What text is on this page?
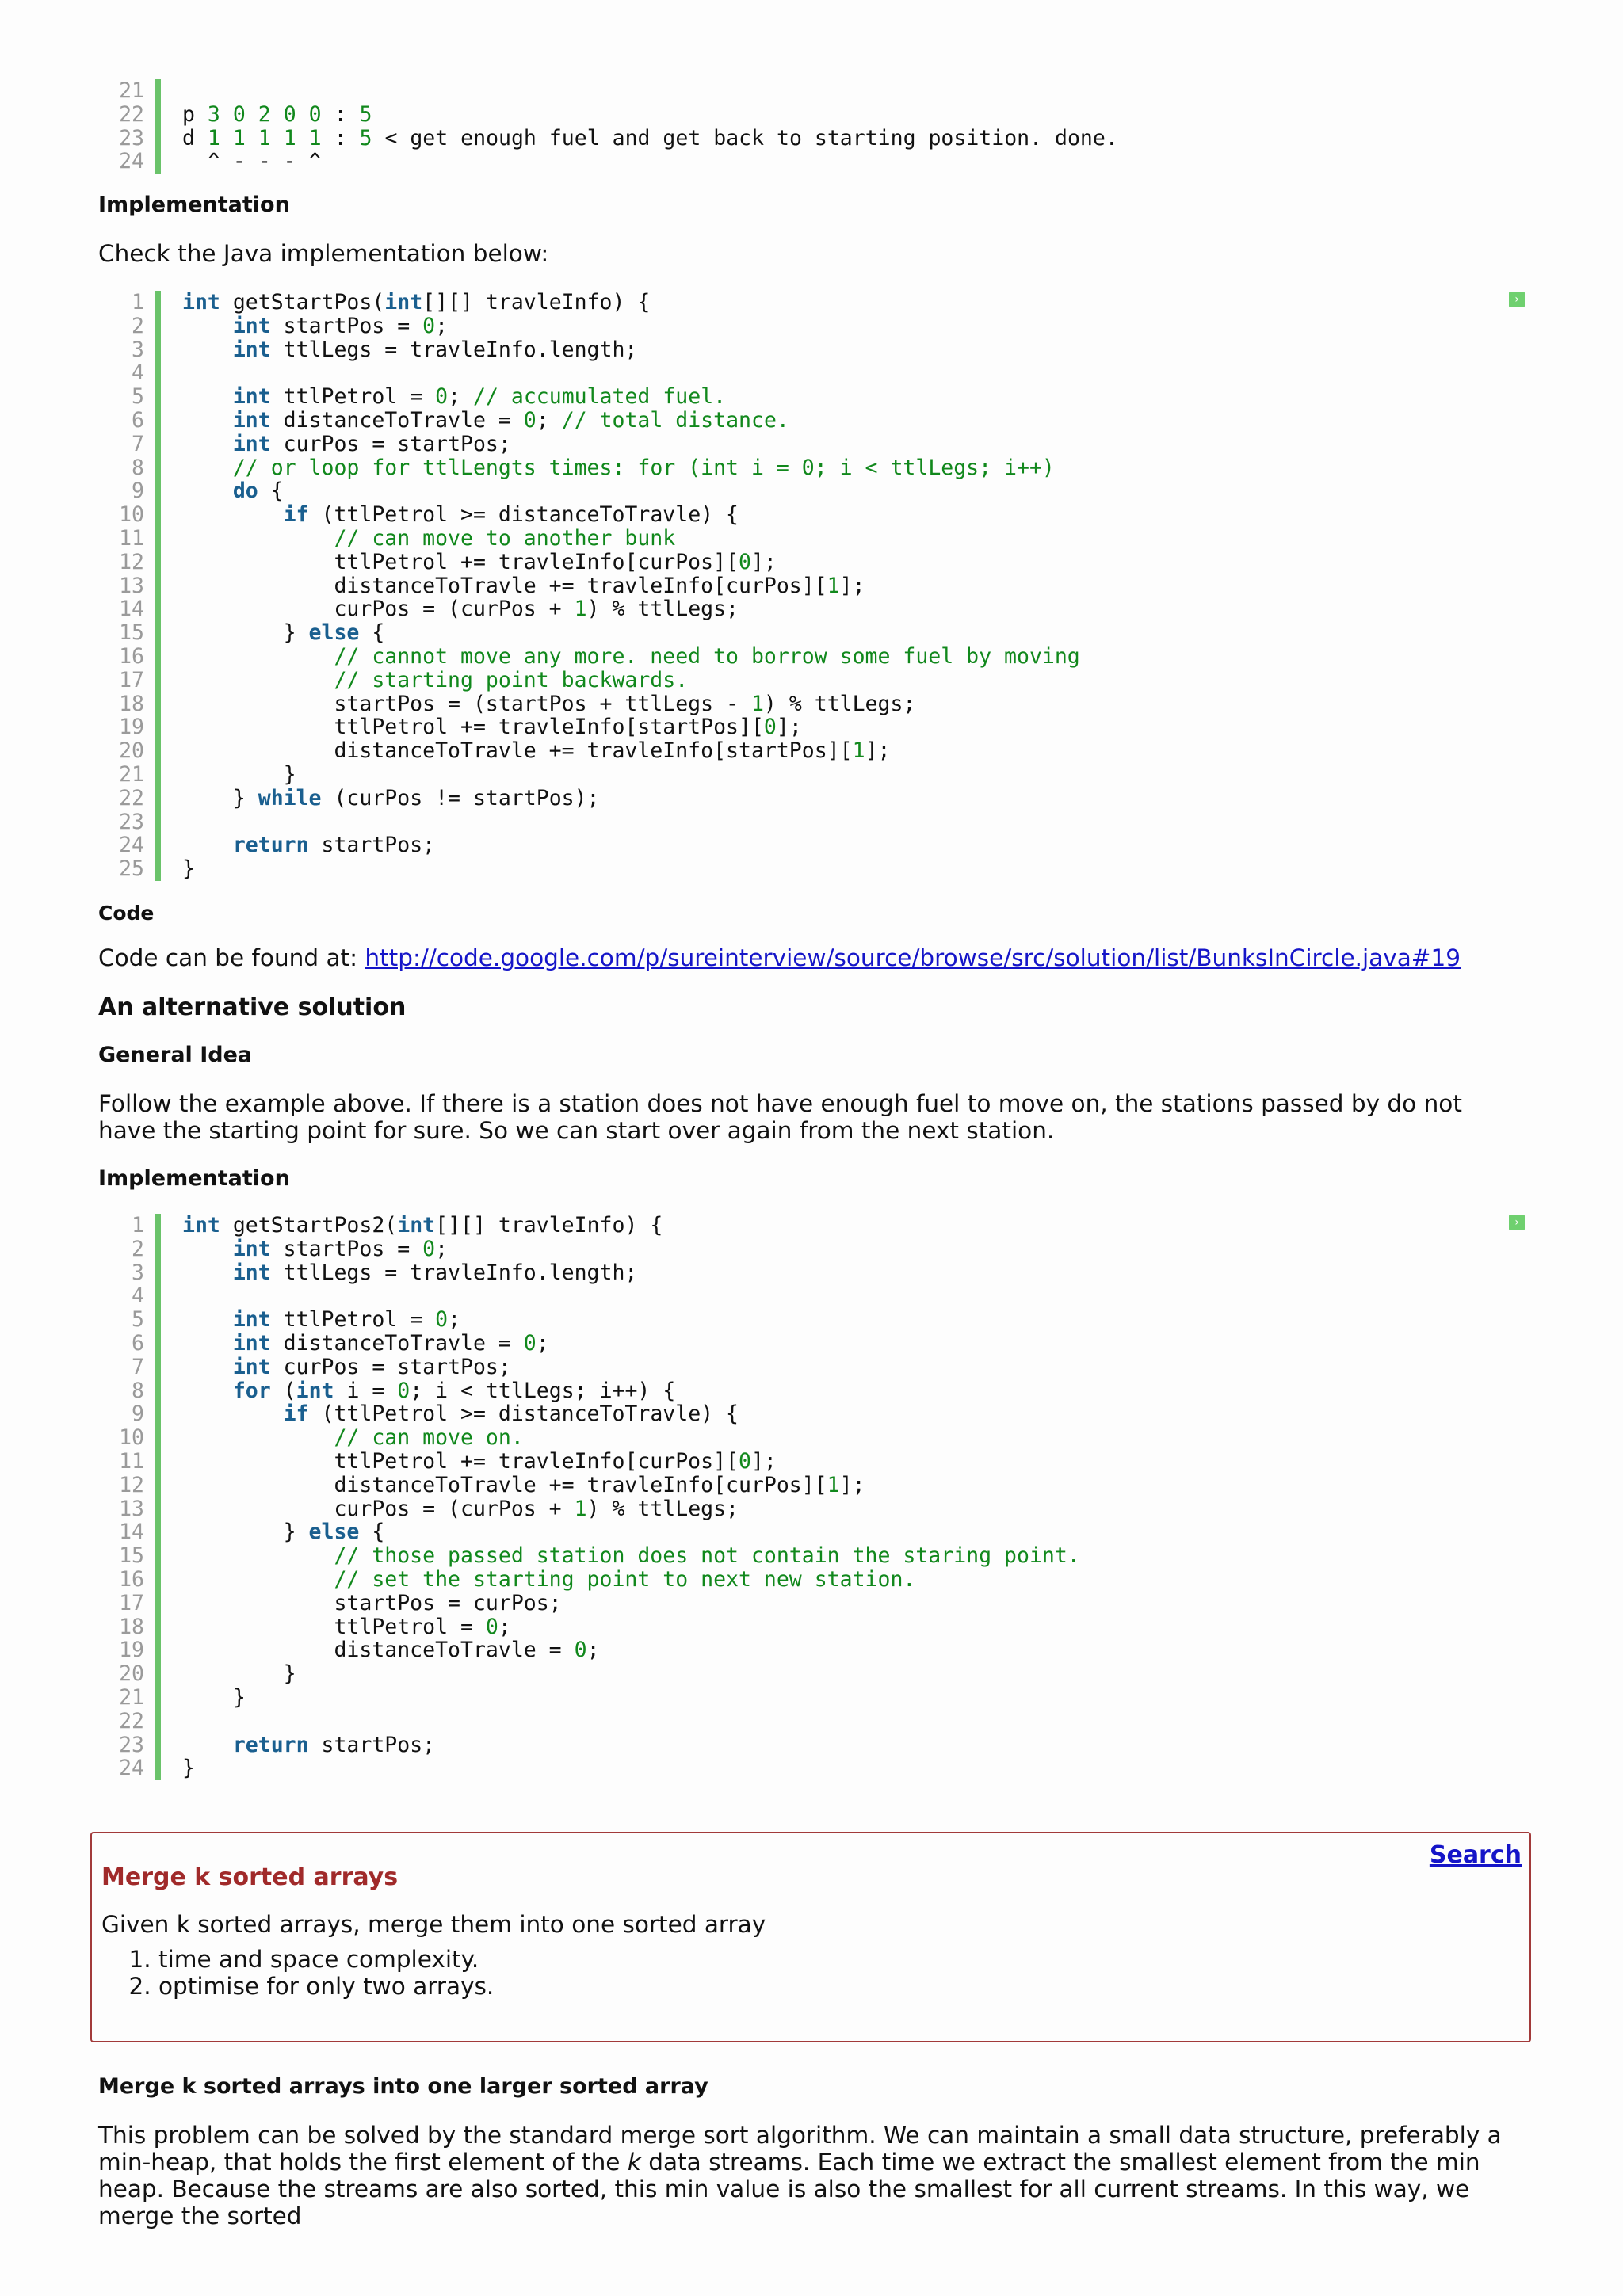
21
22 p 3 0 2 0 0 : 5
23 d 1 1 1 1 1 : 5 < get enough fuel and get back to starting position. done.
24 ^ - - - ^
Implementation
Check the Java implementation below:
1 int getStartPos(int[][] travleInfo) {
2	int startPos = 0;
3	int ttlLegs = travleInfo.length;
4
5	int ttlPetrol = 0; // accumulated fuel.
6	int distanceToTravle = 0; // total distance.
7	int curPos = startPos;
8	// or loop for ttlLengts times: for (int i = 0; i < ttlLegs; i++)
9	do {
10	if (ttlPetrol >= distanceToTravle) {
11	// can move to another bunk
12 ttlPetrol += travleInfo[curPos][0];
13 distanceToTravle += travleInfo[curPos][1];
14 curPos = (curPos + 1) % ttlLegs;
15 } else {
16	// cannot move any more. need to borrow some fuel by moving
17	// starting point backwards.
18 startPos = (startPos + ttlLegs - 1) % ttlLegs;
19 ttlPetrol += travleInfo[startPos][0];
20 distanceToTravle += travleInfo[startPos][1];
21 }
22 } while (curPos != startPos);
23
24	return startPos;
25 }
›
Code
Code can be found at: http://code.google.com/p/sureinterview/source/browse/src/solution/list/BunksInCircle.java#19
An alternative solution
General Idea
Follow the example above. If there is a station does not have enough fuel to move on, the stations passed by do not have the starting point for sure. So we can start over again from the next station.
Implementation
1 int getStartPos2(int[][] travleInfo) {
2	int startPos = 0;
3	int ttlLegs = travleInfo.length;
4
5	int ttlPetrol = 0;
6	int distanceToTravle = 0;
7	int curPos = startPos;
8	for (int i = 0; i < ttlLegs; i++) {
9	if (ttlPetrol >= distanceToTravle) {
10	// can move on.
11 ttlPetrol += travleInfo[curPos][0];
12 distanceToTravle += travleInfo[curPos][1];
13 curPos = (curPos + 1) % ttlLegs;
14 } else {
15	// those passed station does not contain the staring point.
16	// set the starting point to next new station.
17 startPos = curPos;
18 ttlPetrol = 0;
19 distanceToTravle = 0;
20 }
21 }
22
23	return startPos;
24 }
›
Search
Merge k sorted arrays
Given k sorted arrays, merge them into one sorted array
1. time and space complexity.
2. optimise for only two arrays.
Merge k sorted arrays into one larger sorted array
This problem can be solved by the standard merge sort algorithm. We can maintain a small data structure, preferably a min-heap, that holds the first element of the k data streams. Each time we extract the smallest element from the min heap. Because the streams are also sorted, this min value is also the smallest for all current streams. In this way, we merge the sorted
